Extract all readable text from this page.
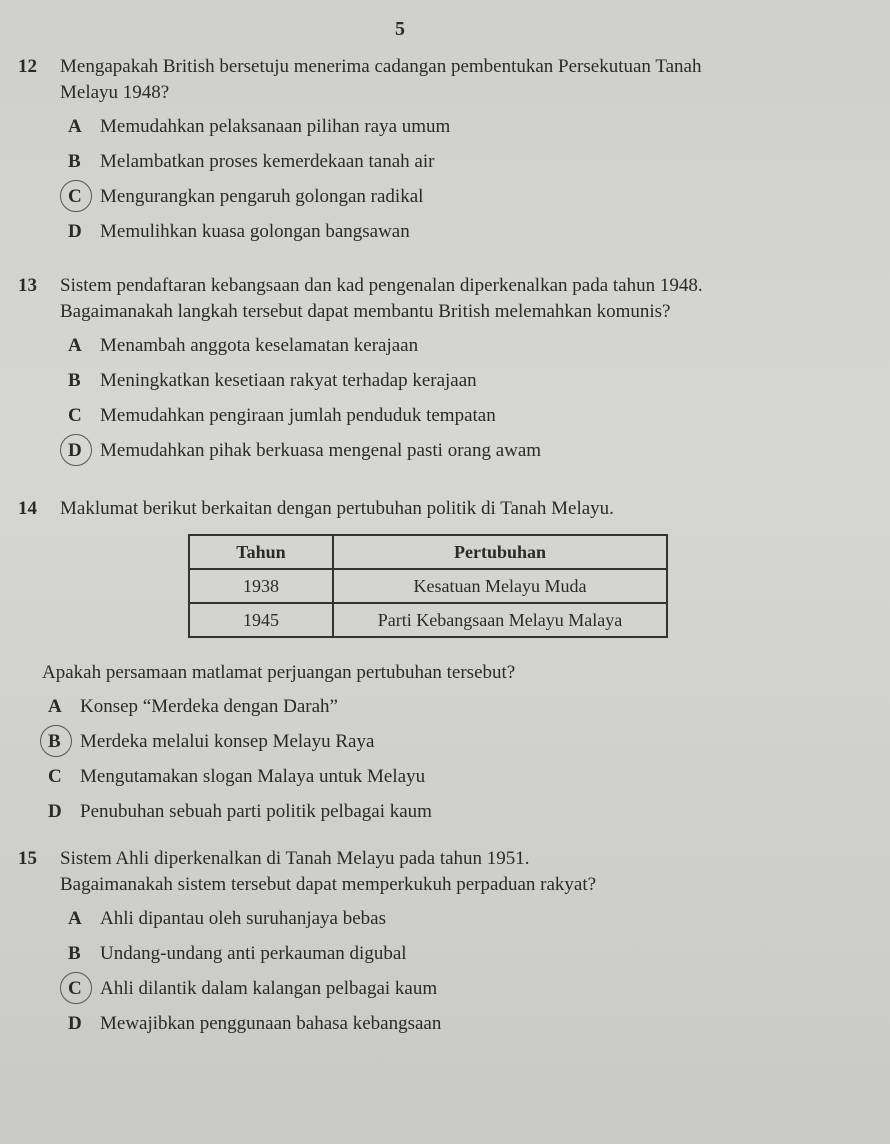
5
12 Mengapakah British bersetuju menerima cadangan pembentukan Persekutuan Tanah

Melayu 1948?

A Memudahkan pelaksanaan pilihan raya umum
B	Melambatkan proses kemerdekaan tanah air
C Mengurangkan pengaruh golongan radikal
D Memulihkan kuasa golongan bangsawan
13 Sistem pendaftaran kebangsaan dan kad pengenalan diperkenalkan pada tahun 1948.

Bagaimanakah langkah tersebut dapat membantu British melemahkan komunis?

A Menambah anggota keselamatan kerajaan
B	Meningkatkan kesetiaan rakyat terhadap kerajaan
C Memudahkan pengiraan jumlah penduduk tempatan
D Memudahkan pihak berkuasa mengenal pasti orang awam
14 Maklumat berikut berkaitan dengan pertubuhan politik di Tanah Melayu.

Tahun	Pertubuhan
1938	Kesatuan Melayu Muda
1945	Parti Kebangsaan Melayu Malaya

Apakah persamaan matlamat perjuangan pertubuhan tersebut?

A Konsep “Merdeka dengan Darah”
B	Merdeka melalui konsep Melayu Raya
C Mengutamakan slogan Malaya untuk Melayu
D Penubuhan sebuah parti politik pelbagai kaum
15 Sistem Ahli diperkenalkan di Tanah Melayu pada tahun 1951.

Bagaimanakah sistem tersebut dapat memperkukuh perpaduan rakyat?

A Ahli dipantau oleh suruhanjaya bebas
B	Undang-undang anti perkauman digubal
C Ahli dilantik dalam kalangan pelbagai kaum
D Mewajibkan penggunaan bahasa kebangsaan
